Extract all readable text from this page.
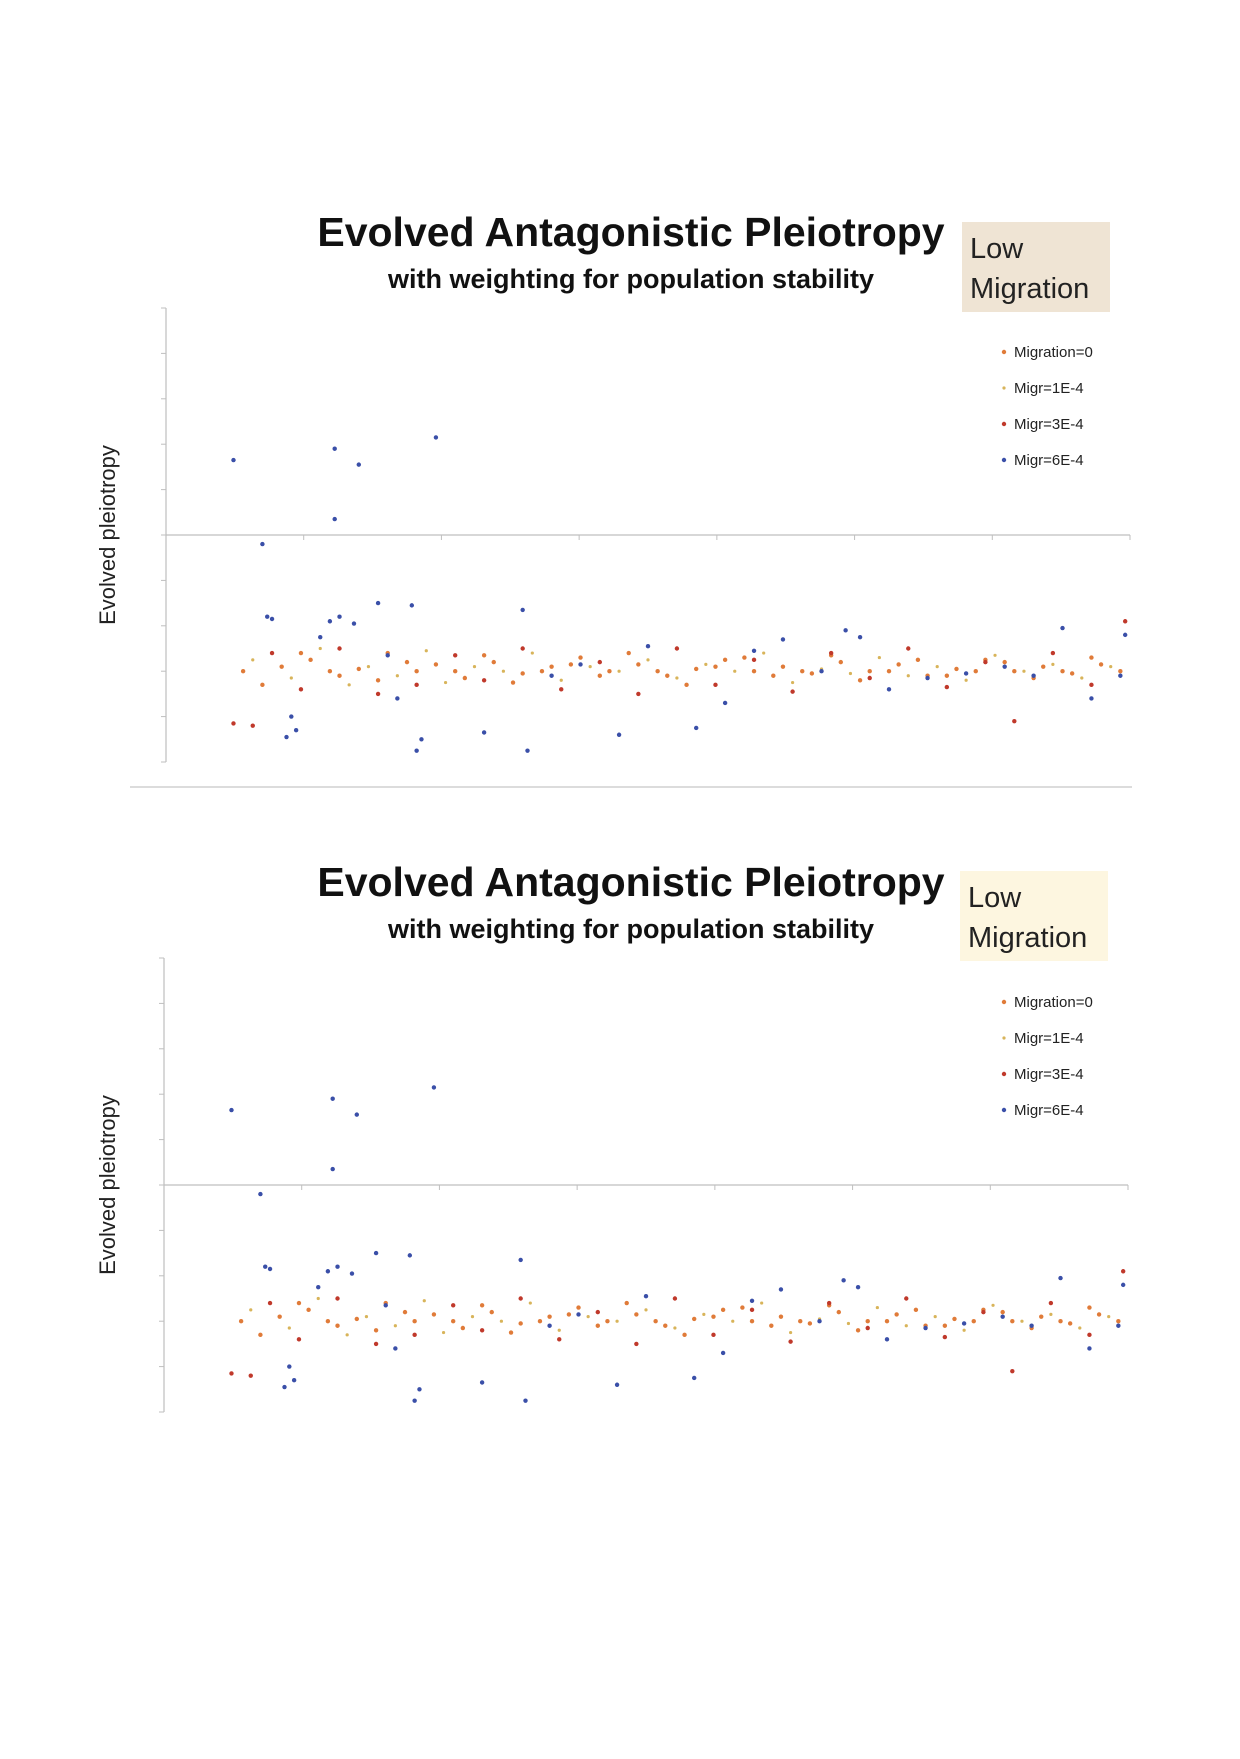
Evolved Antagonistic Pleiotropy
with weighting for population stability
Low
Migration
Evolved pleiotropy
Migration=0
Migr=1E-4
Migr=3E-4
Migr=6E-4
Evolved Antagonistic Pleiotropy
with weighting for population stability
Low
Migration
Evolved pleiotropy
Migration=0
Migr=1E-4
Migr=3E-4
Migr=6E-4
